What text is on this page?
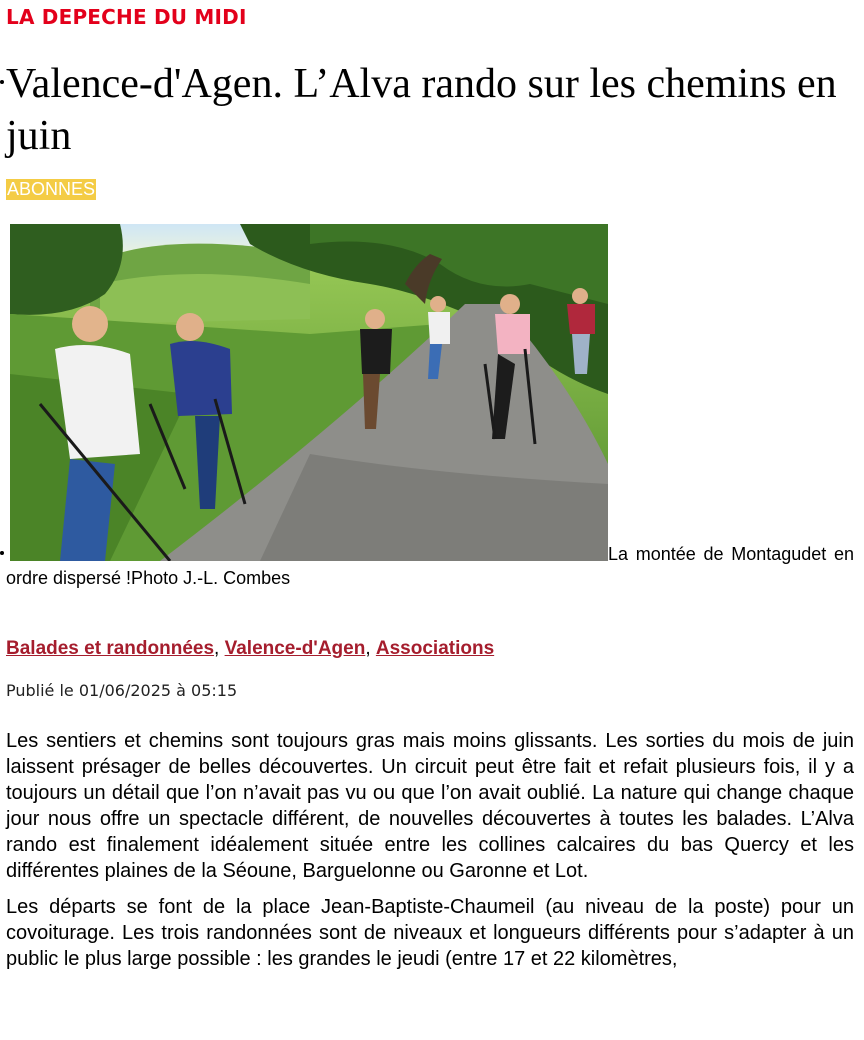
LA DEPECHE DU MIDI
Valence-d'Agen. L’Alva rando sur les chemins en juin
ABONNES
La montée de Montagudet en ordre dispersé !Photo J.-L. Combes
Balades et randonnées, Valence-d'Agen, Associations
Publié le 01/06/2025 à 05:15

Les sentiers et chemins sont toujours gras mais moins glissants. Les sorties du mois de juin laissent présager de belles découvertes. Un circuit peut être fait et refait plusieurs fois, il y a toujours un détail que l’on n’avait pas vu ou que l’on avait oublié. La nature qui change chaque jour nous offre un spectacle différent, de nouvelles découvertes à toutes les balades. L’Alva rando est finalement idéalement située entre les collines calcaires du bas Quercy et les différentes plaines de la Séoune, Barguelonne ou Garonne et Lot.

Les départs se font de la place Jean-Baptiste-Chaumeil (au niveau de la poste) pour un covoiturage. Les trois randonnées sont de niveaux et longueurs différents pour s’adapter à un public le plus large possible : les grandes le jeudi (entre 17 et 22 kilomètres,
